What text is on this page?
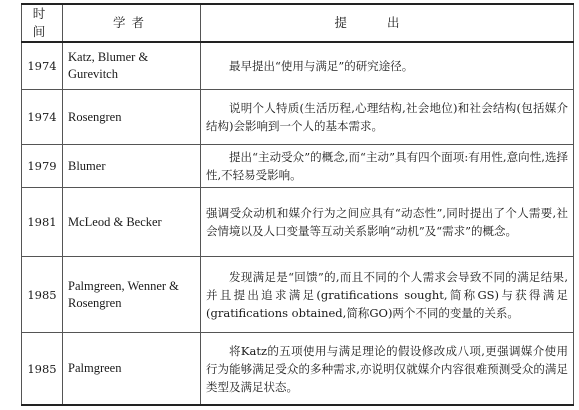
时间	学者	提出
1974	Katz, Blumer & Gurevitch	最早提出“使用与满足”的研究途径。

1974	Rosengren	说明个人特质(生活历程,心理结构,社会地位)和社会结构(包括媒介结构)会影响到一个人的基本需求。

1979	Blumer	提出“主动受众”的概念,而“主动”具有四个面项:有用性,意向性,选择性,不轻易受影响。

1981	McLeod & Becker	强调受众动机和媒介行为之间应具有“动态性”,同时提出了个人需要,社会情境以及人口变量等互动关系影响“动机”及“需求”的概念。

1985	Palmgreen, Wenner & Rosengren	发现满足是“回馈”的,而且不同的个人需求会导致不同的满足结果,并且提出追求满足(gratifications sought,简称GS)与获得满足(gratifications obtained,简称GO)两个不同的变量的关系。

1985	Palmgreen	将Katz的五项使用与满足理论的假设修改成八项,更强调媒介使用行为能够满足受众的多种需求,亦说明仅就媒介内容很难预测受众的满足类型及满足状态。
